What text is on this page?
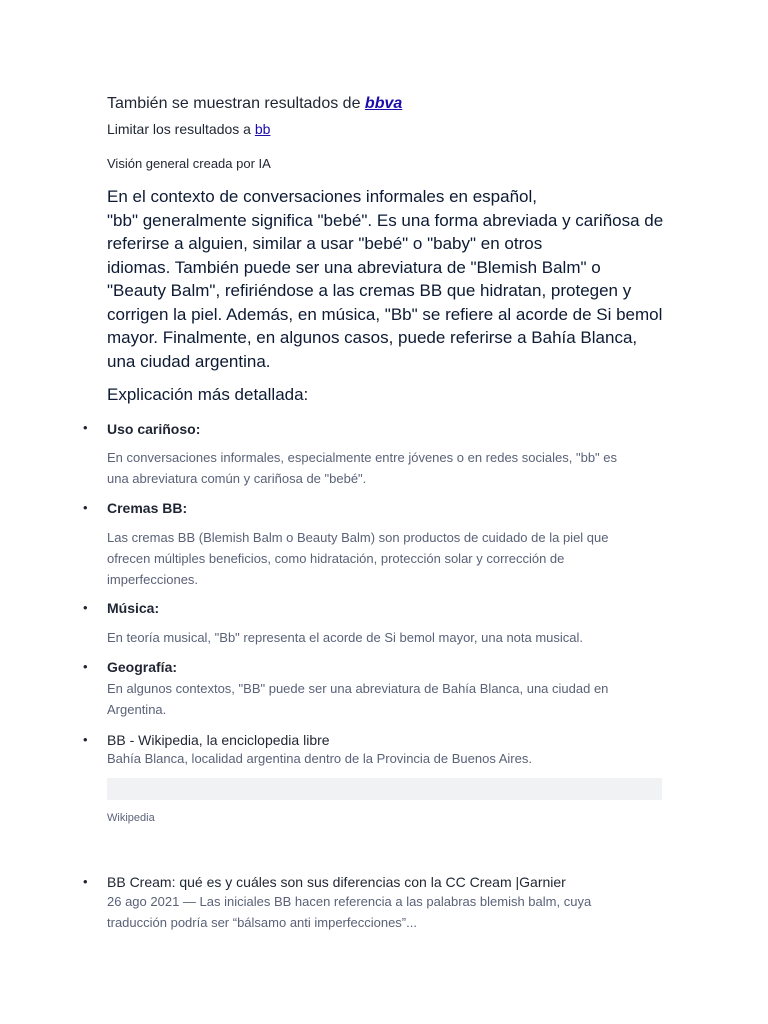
También se muestran resultados de bbva
Limitar los resultados a bb
Visión general creada por IA

En el contexto de conversaciones informales en español,
"bb" generalmente significa "bebé". Es una forma abreviada y cariñosa de
referirse a alguien, similar a usar "bebé" o "baby" en otros
idiomas. También puede ser una abreviatura de "Blemish Balm" o
"Beauty Balm", refiriéndose a las cremas BB que hidratan, protegen y
corrigen la piel. Además, en música, "Bb" se refiere al acorde de Si bemol
mayor. Finalmente, en algunos casos, puede referirse a Bahía Blanca,
una ciudad argentina.

Explicación más detallada:
• Uso cariñoso:

En conversaciones informales, especialmente entre jóvenes o en redes sociales, "bb" es
una abreviatura común y cariñosa de "bebé".

• Cremas BB:

Las cremas BB (Blemish Balm o Beauty Balm) son productos de cuidado de la piel que
ofrecen múltiples beneficios, como hidratación, protección solar y corrección de
imperfecciones.

• Música:

En teoría musical, "Bb" representa el acorde de Si bemol mayor, una nota musical.

• Geografía:

En algunos contextos, "BB" puede ser una abreviatura de Bahía Blanca, una ciudad en
Argentina.

• BB - Wikipedia, la enciclopedia libre

Bahía Blanca, localidad argentina dentro de la Provincia de Buenos Aires.

Wikipedia
• BB Cream: qué es y cuáles son sus diferencias con la CC Cream |Garnier

26 ago 2021 — Las iniciales BB hacen referencia a las palabras blemish balm, cuya
traducción podría ser “bálsamo anti imperfecciones”...
